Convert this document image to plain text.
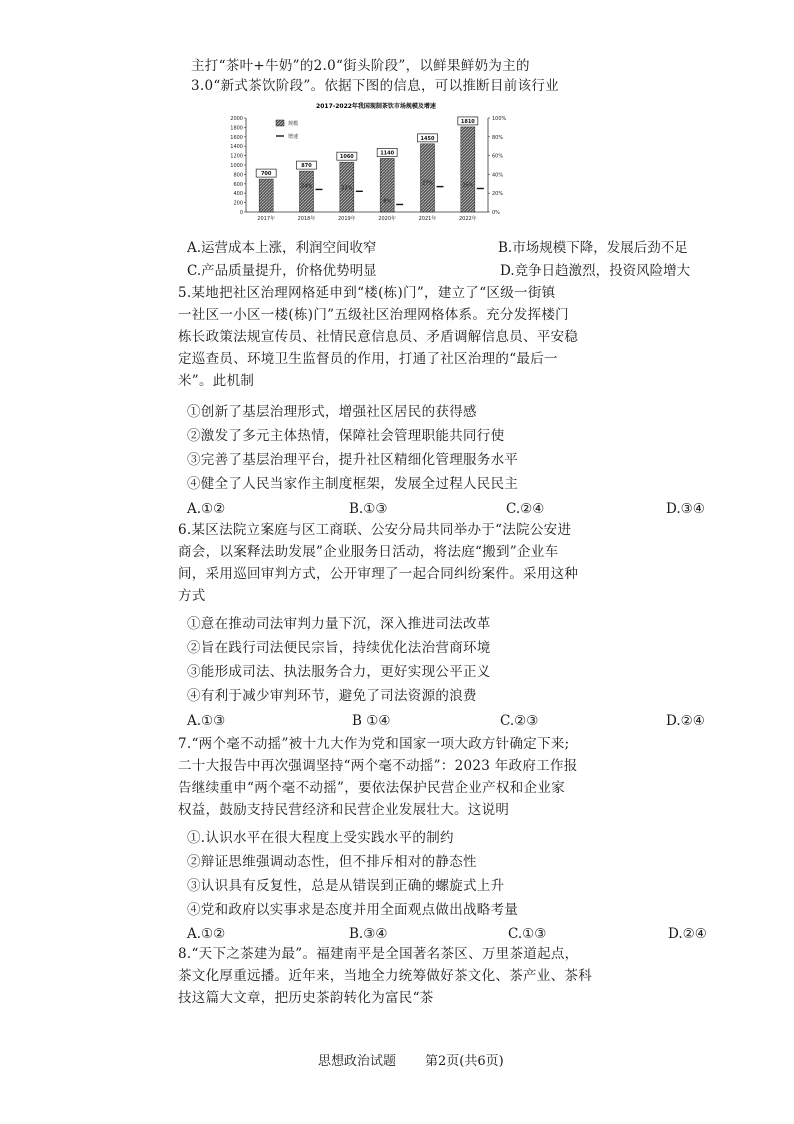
主打“茶叶+牛奶”的2.0“街头阶段”，以鲜果鲜奶为主的
3.0“新式茶饮阶段”。依据下图的信息，可以推断目前该行业
2017-2022年我国现制茶饮市场规模及增速
0
200
400
600
800
1000
1200
1400
1600
1800
2000
0%
20%
40%
60%
80%
100%
700
2017年
870
2018年
24%
1060
2019年
22%
1140
2020年
8%
1450
2021年
27%
1810
2022年
25%
规模
增速
A.运营成本上涨，利润空间收窄	B.市场规模下降，发展后劲不足
C.产品质量提升，价格优势明显	D.竞争日趋激烈，投资风险增大
5.某地把社区治理网格延申到“楼(栋)门”，建立了“区级一街镇
一社区一小区一楼(栋)门”五级社区治理网格体系。充分发挥楼门
栋长政策法规宣传员、社情民意信息员、矛盾调解信息员、平安稳
定巡查员、环境卫生监督员的作用，打通了社区治理的“最后一
米”。此机制
①创新了基层治理形式，增强社区居民的获得感
②激发了多元主体热情，保障社会管理职能共同行使
③完善了基层治理平台，提升社区精细化管理服务水平
④健全了人民当家作主制度框架，发展全过程人民民主
A.①②	B.①③	C.②④	D.③④
6.某区法院立案庭与区工商联、公安分局共同举办于“法院公安进
商会，以案释法助发展”企业服务日活动，将法庭“搬到”企业车
间，采用巡回审判方式，公开审理了一起合同纠纷案件。采用这种
方式
①意在推动司法审判力量下沉，深入推进司法改革
②旨在践行司法便民宗旨，持续优化法治营商环境
③能形成司法、执法服务合力，更好实现公平正义
④有利于减少审判环节，避免了司法资源的浪费
A.①③	B ①④	C.②③	D.②④
7.“两个毫不动摇”被十九大作为党和国家一项大政方针确定下来;
二十大报告中再次强调坚持“两个毫不动摇”：2023 年政府工作报
告继续重申“两个毫不动摇”，要依法保护民营企业产权和企业家
权益，鼓励支持民营经济和民营企业发展壮大。这说明
①.认识水平在很大程度上受实践水平的制约
②辩证思维强调动态性，但不排斥相对的静态性
③认识具有反复性，总是从错误到正确的螺旋式上升
④党和政府以实事求是态度并用全面观点做出战略考量
A.①②	B.③④	C.①③	D.②④
8.“天下之茶建为最”。福建南平是全国著名茶区、万里茶道起点，
茶文化厚重远播。近年来，当地全力统筹做好茶文化、茶产业、茶科
技这篇大文章，把历史茶韵转化为富民“茶
思想政治试题 第2页(共6页)
